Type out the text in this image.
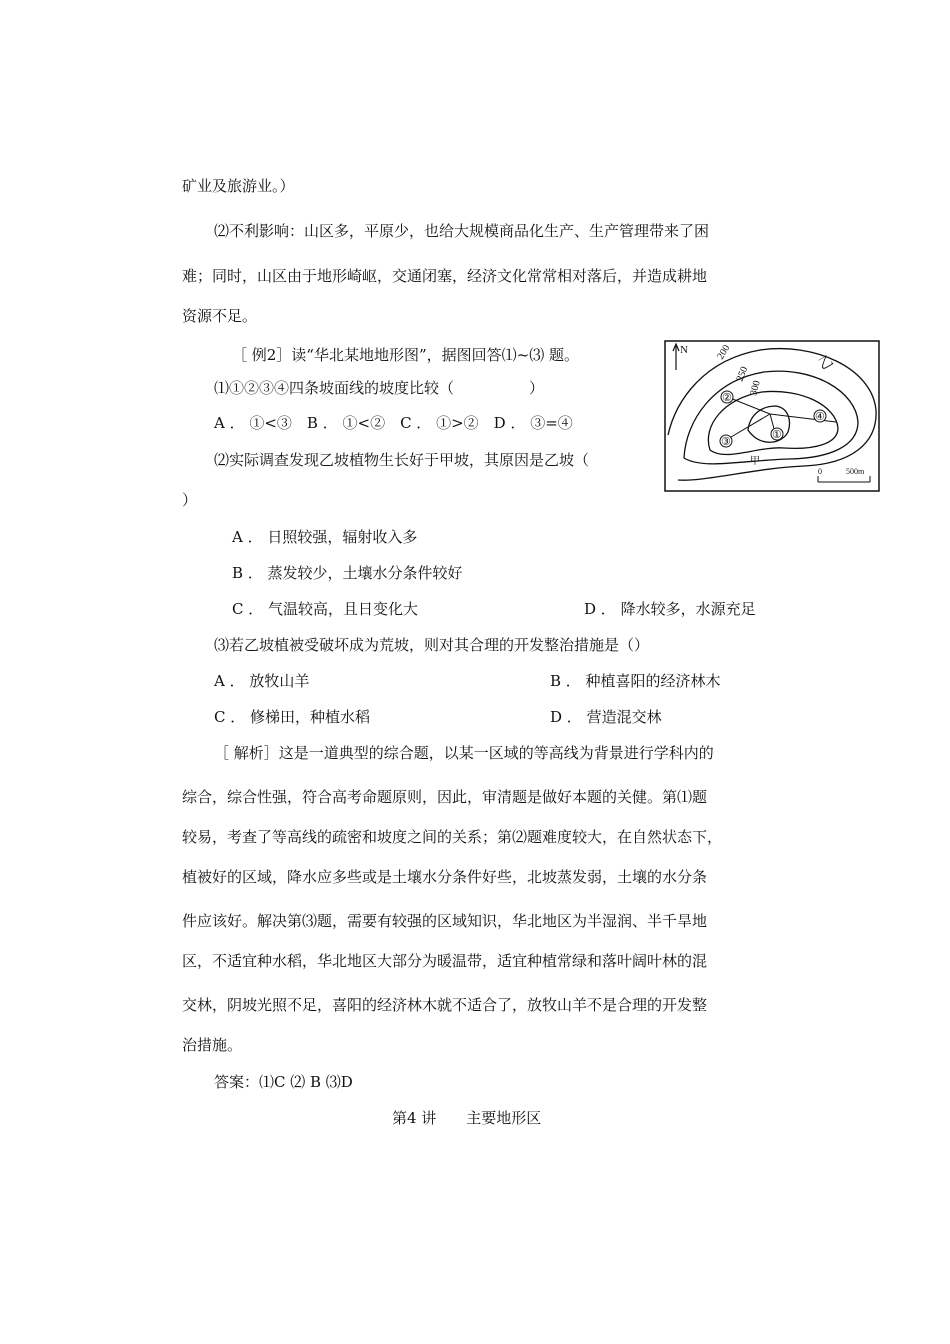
矿业及旅游业。）
⑵不利影响：山区多，平原少，也给大规模商品化生产、生产管理带来了困
难；同时，山区由于地形崎岖，交通闭塞，经济文化常常相对落后，并造成耕地
资源不足。
［ 例2］读“华北某地地形图”，据图回答⑴~⑶ 题。
⑴①②③④四条坡面线的坡度比较（　　　　　）
A ． ①<③　B ． ①<②　C ． ①>②　D ． ③=④
⑵实际调查发现乙坡植物生长好于甲坡，其原因是乙坡（
）
A ． 日照较强，辐射收入多
B ． 蒸发较少，土壤水分条件较好
C ． 气温较高，且日变化大	D ． 降水较多，水源充足
⑶若乙坡植被受破坏成为荒坡，则对其合理的开发整治措施是（）
A ． 放牧山羊	B ． 种植喜阳的经济林木
C ． 修梯田，种植水稻	D ． 营造混交林
［ 解析］这是一道典型的综合题，以某一区域的等高线为背景进行学科内的
综合，综合性强，符合高考命题原则，因此，审清题是做好本题的关健。第⑴题
较易，考查了等高线的疏密和坡度之间的关系；第⑵题难度较大，在自然状态下，
植被好的区域，降水应多些或是土壤水分条件好些，北坡蒸发弱，土壤的水分条
件应该好。解决第⑶题，需要有较强的区域知识，华北地区为半湿润、半千旱地
区，不适宜种水稻，华北地区大部分为暖温带，适宜种植常绿和落叶阔叶林的混
交林，阴坡光照不足，喜阳的经济林木就不适合了，放牧山羊不是合理的开发整
治措施。
答案：⑴C ⑵ B ⑶D
第4 讲　　主要地形区
N	200
250
300
②
③
④
①
乙
甲
0	500m
